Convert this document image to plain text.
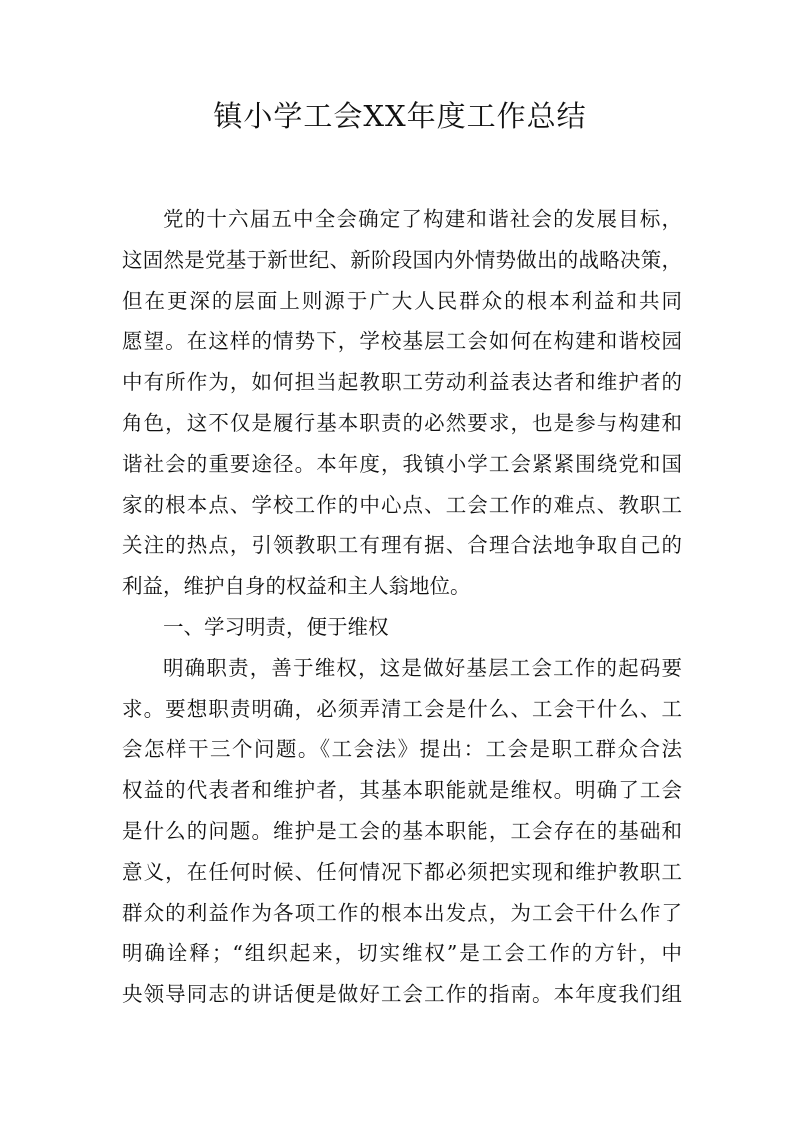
镇小学工会XX年度工作总结
党的十六届五中全会确定了构建和谐社会的发展目标，
这固然是党基于新世纪、新阶段国内外情势做出的战略决策，
但在更深的层面上则源于广大人民群众的根本利益和共同
愿望。在这样的情势下，学校基层工会如何在构建和谐校园
中有所作为，如何担当起教职工劳动利益表达者和维护者的
角色，这不仅是履行基本职责的必然要求，也是参与构建和
谐社会的重要途径。本年度，我镇小学工会紧紧围绕党和国
家的根本点、学校工作的中心点、工会工作的难点、教职工
关注的热点，引领教职工有理有据、合理合法地争取自己的
利益，维护自身的权益和主人翁地位。
一、学习明责，便于维权
明确职责，善于维权，这是做好基层工会工作的起码要
求。要想职责明确，必须弄清工会是什么、工会干什么、工
会怎样干三个问题。《工会法》提出：工会是职工群众合法
权益的代表者和维护者，其基本职能就是维权。明确了工会
是什么的问题。维护是工会的基本职能，工会存在的基础和
意义，在任何时候、任何情况下都必须把实现和维护教职工
群众的利益作为各项工作的根本出发点，为工会干什么作了
明确诠释；“组织起来，切实维权”是工会工作的方针，中
央领导同志的讲话便是做好工会工作的指南。本年度我们组
